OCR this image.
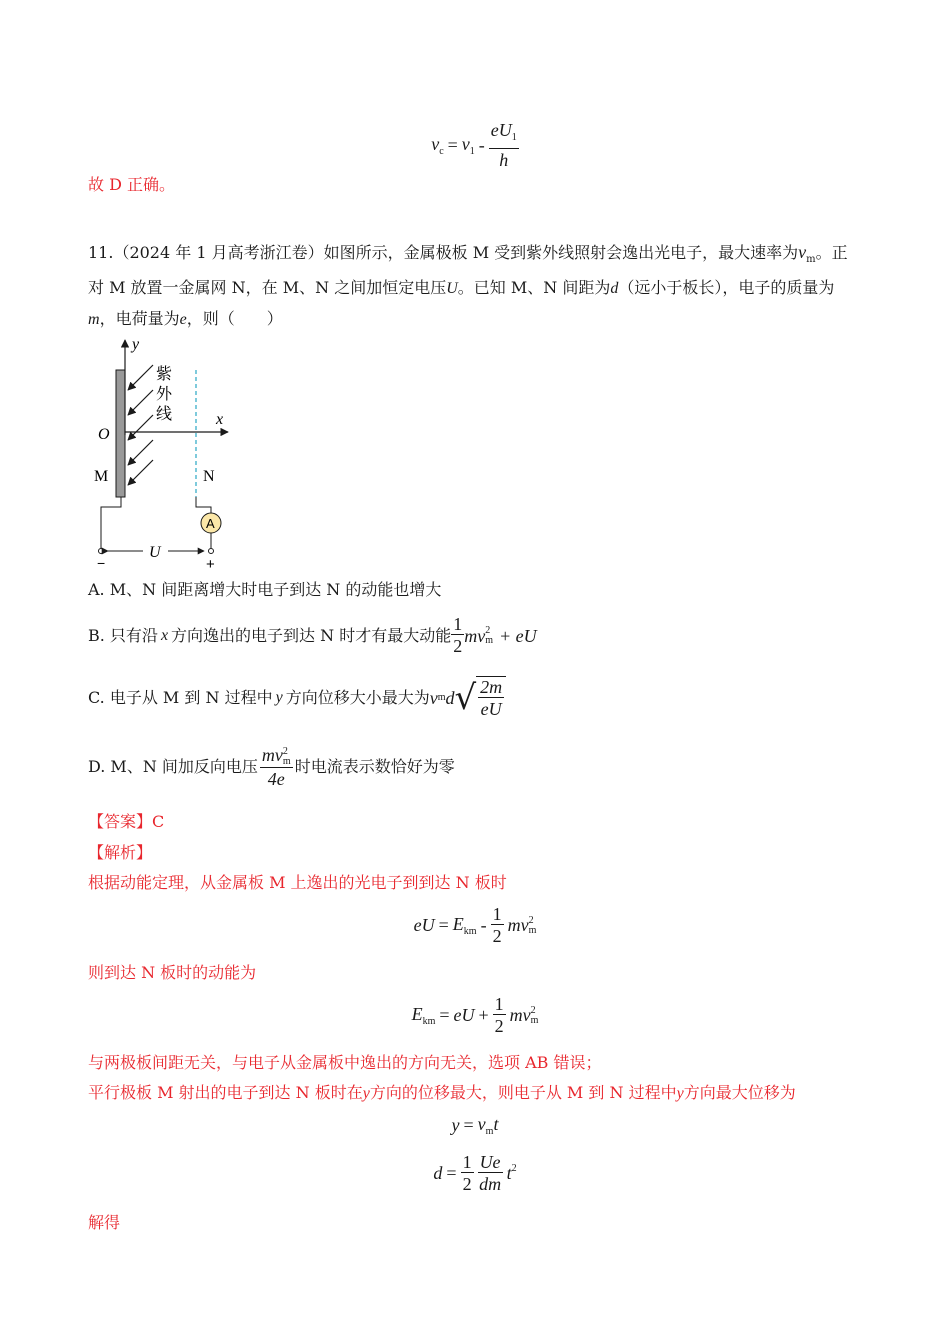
$v_c = v_1 - \frac{eU_1}{h}$
故 D 正确。
11.（2024 年 1 月高考浙江卷）如图所示，金属极板 M 受到紫外线照射会逸出光电子，最大速率为$v_m$。正
对 M 放置一金属网 N，在 M、N 之间加恒定电压U。已知 M、N 间距为d（远小于板长），电子的质量为
m，电荷量为e，则（　　）
y
x
O
紫
外
线
M	N
A
U
−	+
A. M、N 间距离增大时电子到达 N 的动能也增大
B. 只有沿 x 方向逸出的电子到达 N 时才有最大动能 $\frac{1}{2}$ mv 2
m + eU
C. 电子从 M 到 N 过程中 y 方向位移大小最大为 v m d √ $\frac{2m}{eU}$
D. M、N 间加反向电压 mv 2
m
4e 时电流表示数恰好为零
【答案】C
【解析】
根据动能定理，从金属板 M 上逸出的光电子到到达 N 板时
eU = $E_{km} - \frac{1}{2}$ mv 2
m
则到达 N 板时的动能为
$E_{km}$ = eU + $\frac{1}{2}$ mv 2
m
与两极板间距无关，与电子从金属板中逸出的方向无关，选项 AB 错误；
平行极板 M 射出的电子到达 N 板时在y方向的位移最大，则电子从 M 到 N 过程中y方向最大位移为
$y = v_mt$
$d = \frac{1}{2} \frac{Ue}{dm} t^2$
解得
